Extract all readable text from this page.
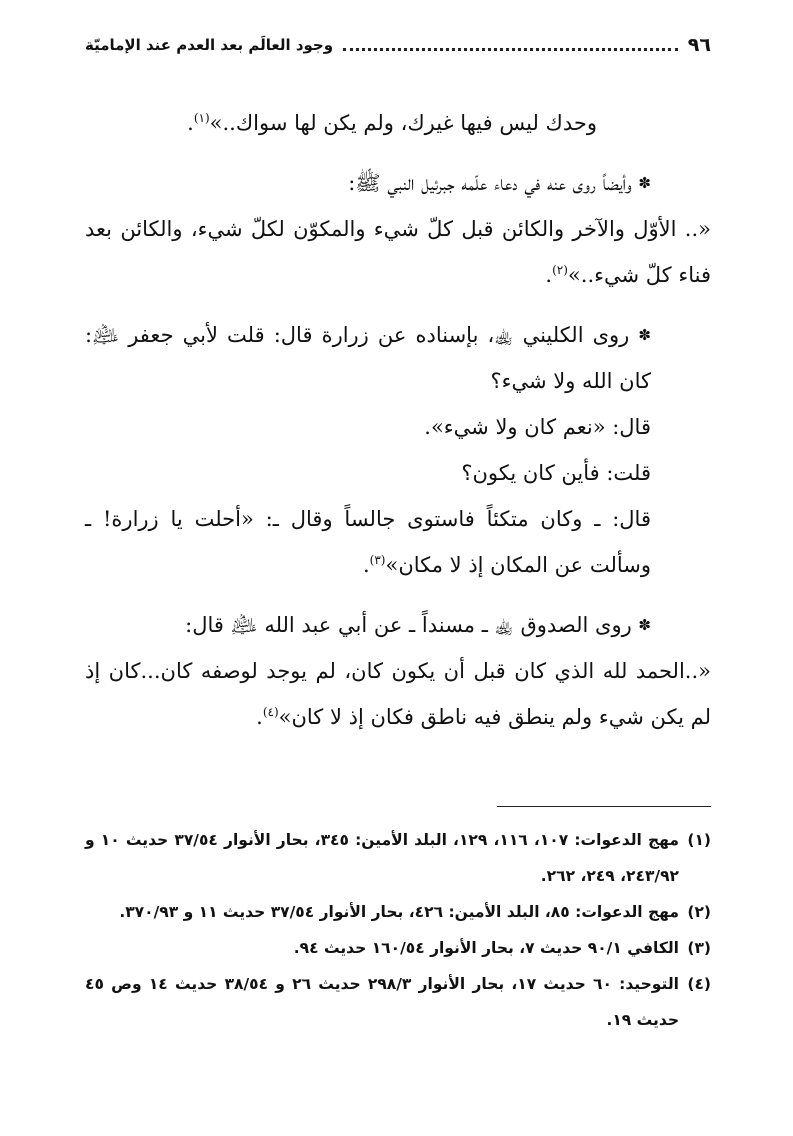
٩٦
وجود العالَم بعد العدم عند الإماميّة

وحدك ليس فيها غيرك، ولم يكن لها سواك..»$^{(١)}$.

✽ وأيضاً روى عنه في دعاء علّمه جبرئيل النبي ﷺ:

«.. الأوّل والآخر والكائن قبل كلّ شيء والمكوّن لكلّ شيء، والكائن بعد فناء كلّ شيء..»$^{(٢)}$.

✽ روى الكليني ﵀، بإسناده عن زرارة قال: قلت لأبي جعفر ﵇: كان الله ولا شيء؟

قال: «نعم كان ولا شيء».

قلت: فأين كان يكون؟

قال: ـ وكان متكئاً فاستوى جالساً وقال ـ: «أحلت يا زرارة! ـ وسألت عن المكان إذ لا مكان»$^{(٣)}$.

✽ روى الصدوق ﵀ ـ مسنداً ـ عن أبي عبد الله ﵇ قال:

«..الحمد لله الذي كان قبل أن يكون كان، لم يوجد لوصفه كان...كان إذ لم يكن شيء ولم ينطق فيه ناطق فكان إذ لا كان»$^{(٤)}$.

(١)
مهج الدعوات: ١٠٧، ١١٦، ١٢٩، البلد الأمين: ٣٤٥، بحار الأنوار ٣٧/٥٤ حديث ١٠ و ٢٤٣/٩٢، ٢٤٩، ٢٦٢.
(٢)
مهج الدعوات: ٨٥، البلد الأمين: ٤٢٦، بحار الأنوار ٣٧/٥٤ حديث ١١ و ٣٧٠/٩٣.
(٣)
الكافي ٩٠/١ حديث ٧، بحار الأنوار ١٦٠/٥٤ حديث ٩٤.
(٤)
التوحيد: ٦٠ حديث ١٧، بحار الأنوار ٢٩٨/٣ حديث ٢٦ و ٣٨/٥٤ حديث ١٤ وص ٤٥ حديث ١٩.
